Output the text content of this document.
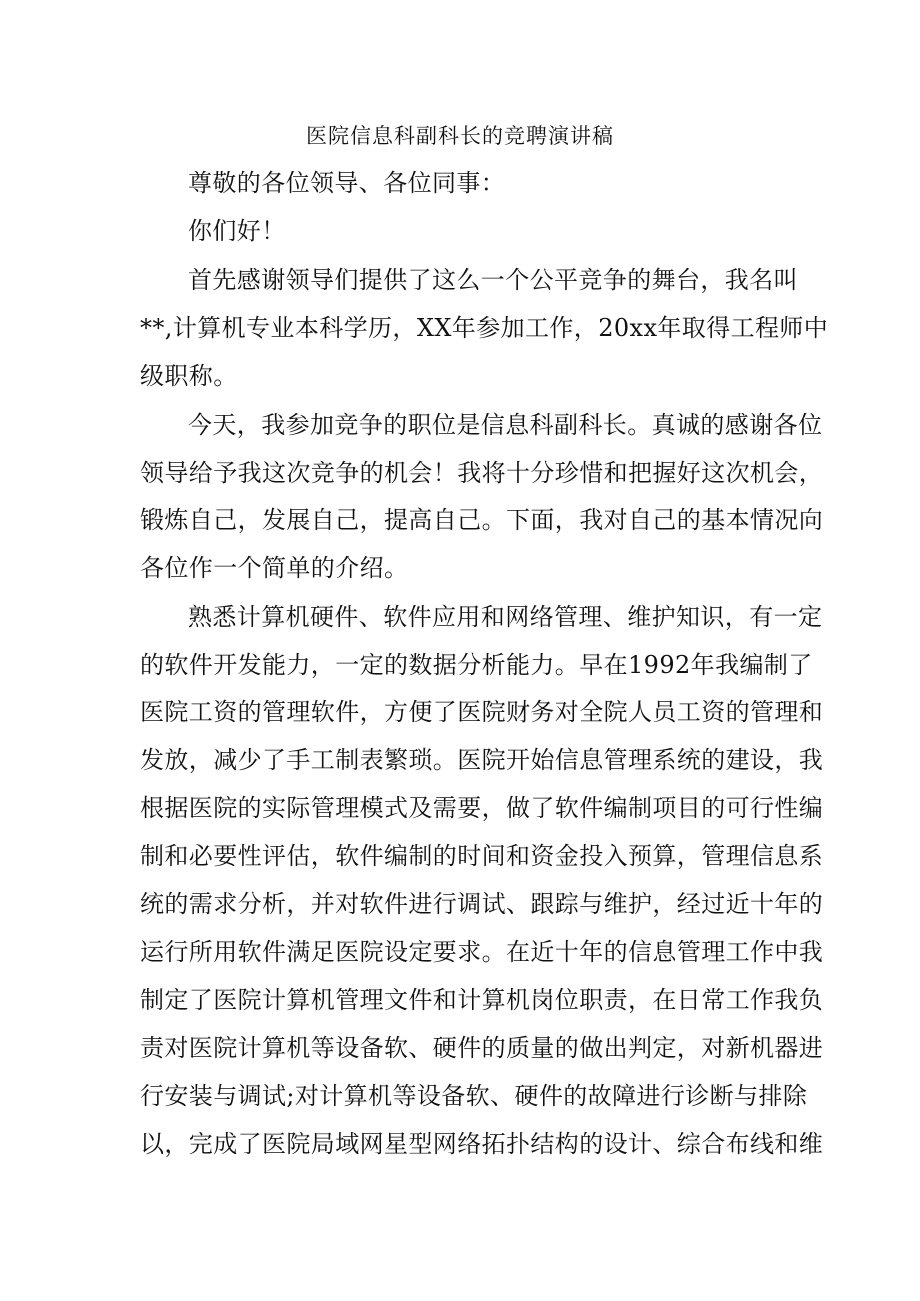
医院信息科副科长的竞聘演讲稿
尊敬的各位领导、各位同事：
你们好！
首先感谢领导们提供了这么一个公平竞争的舞台，我名叫
**,计算机专业本科学历，XX年参加工作，20xx年取得工程师中
级职称。
今天，我参加竞争的职位是信息科副科长。真诚的感谢各位
领导给予我这次竞争的机会！我将十分珍惜和把握好这次机会，
锻炼自己，发展自己，提高自己。下面，我对自己的基本情况向
各位作一个简单的介绍。
熟悉计算机硬件、软件应用和网络管理、维护知识，有一定
的软件开发能力，一定的数据分析能力。早在1992年我编制了
医院工资的管理软件，方便了医院财务对全院人员工资的管理和
发放，减少了手工制表繁琐。医院开始信息管理系统的建设，我
根据医院的实际管理模式及需要，做了软件编制项目的可行性编
制和必要性评估，软件编制的时间和资金投入预算，管理信息系
统的需求分析，并对软件进行调试、跟踪与维护，经过近十年的
运行所用软件满足医院设定要求。在近十年的信息管理工作中我
制定了医院计算机管理文件和计算机岗位职责，在日常工作我负
责对医院计算机等设备软、硬件的质量的做出判定，对新机器进
行安装与调试;对计算机等设备软、硬件的故障进行诊断与排除
以，完成了医院局域网星型网络拓扑结构的设计、综合布线和维
